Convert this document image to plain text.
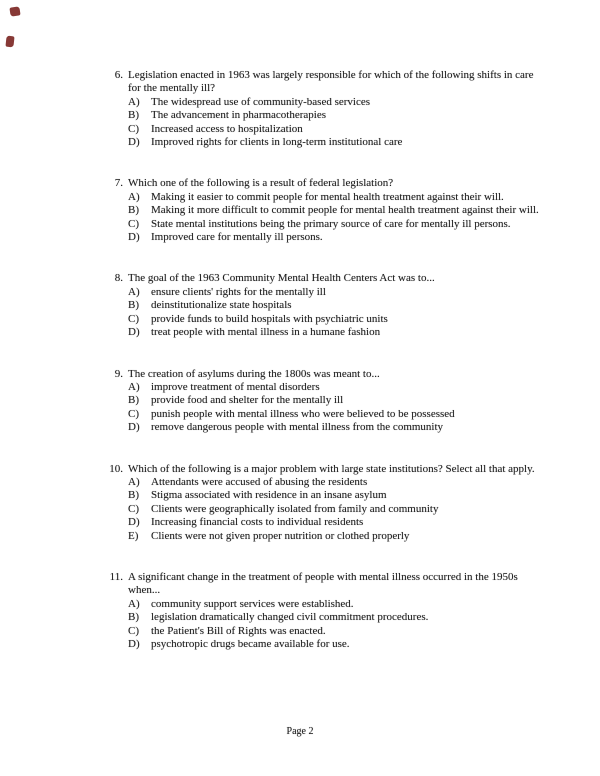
6. Legislation enacted in 1963 was largely responsible for which of the following shifts in care for the mentally ill?
A)	The widespread use of community-based services
B)	The advancement in pharmacotherapies
C)	Increased access to hospitalization
D)	Improved rights for clients in long-term institutional care
7. Which one of the following is a result of federal legislation?
A)	Making it easier to commit people for mental health treatment against their will.
B)	Making it more difficult to commit people for mental health treatment against their will.
C)	State mental institutions being the primary source of care for mentally ill persons.
D)	Improved care for mentally ill persons.
8. The goal of the 1963 Community Mental Health Centers Act was to...
A)	ensure clients' rights for the mentally ill
B)	deinstitutionalize state hospitals
C)	provide funds to build hospitals with psychiatric units
D)	treat people with mental illness in a humane fashion
9. The creation of asylums during the 1800s was meant to...
A)	improve treatment of mental disorders
B)	provide food and shelter for the mentally ill
C)	punish people with mental illness who were believed to be possessed
D)	remove dangerous people with mental illness from the community
10. Which of the following is a major problem with large state institutions? Select all that apply.
A)	Attendants were accused of abusing the residents
B)	Stigma associated with residence in an insane asylum
C)	Clients were geographically isolated from family and community
D)	Increasing financial costs to individual residents
E)	Clients were not given proper nutrition or clothed properly
11. A significant change in the treatment of people with mental illness occurred in the 1950s when...
A)	community support services were established.
B)	legislation dramatically changed civil commitment procedures.
C)	the Patient's Bill of Rights was enacted.
D)	psychotropic drugs became available for use.
Page 2
